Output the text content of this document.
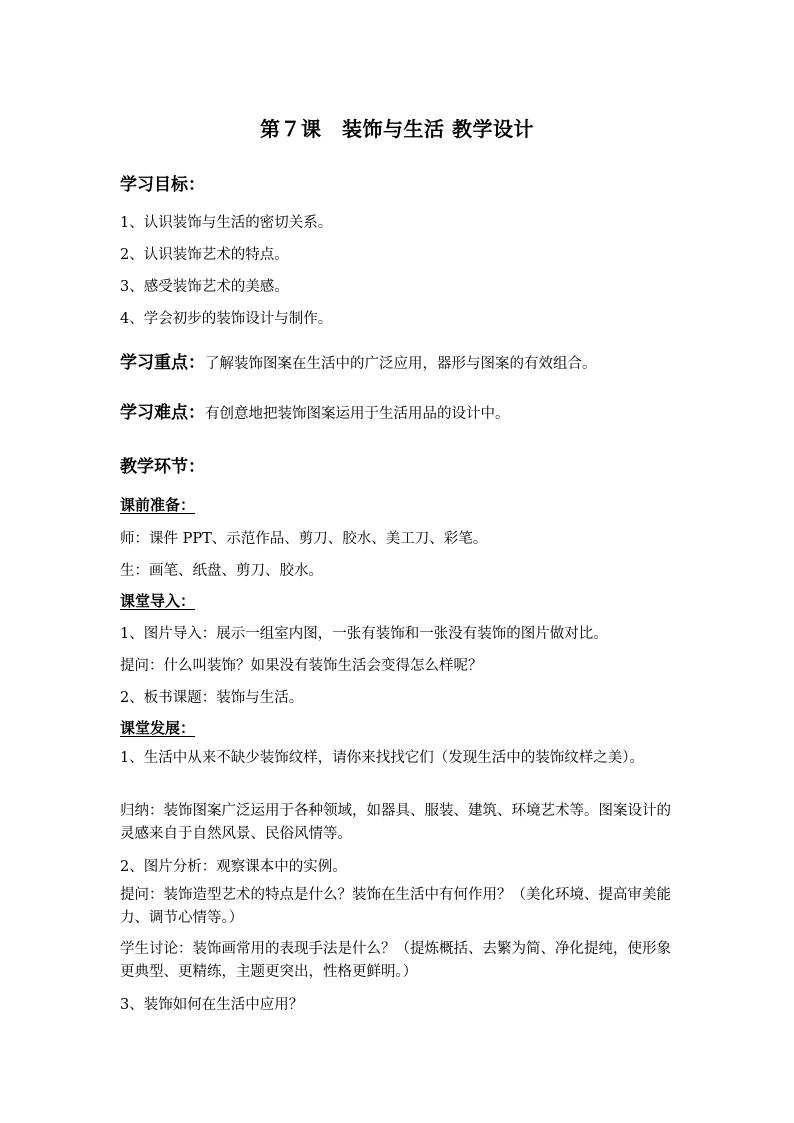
第７课　装饰与生活 教学设计
学习目标：
1、认识装饰与生活的密切关系。
2、认识装饰艺术的特点。
3、感受装饰艺术的美感。
4、学会初步的装饰设计与制作。
学习重点：了解装饰图案在生活中的广泛应用，器形与图案的有效组合。
学习难点：有创意地把装饰图案运用于生活用品的设计中。
教学环节：
课前准备：
师：课件 PPT、示范作品、剪刀、胶水、美工刀、彩笔。
生：画笔、纸盘、剪刀、胶水。
课堂导入：
1、图片导入：展示一组室内图，一张有装饰和一张没有装饰的图片做对比。
提问：什么叫装饰？如果没有装饰生活会变得怎么样呢？
2、板书课题：装饰与生活。
课堂发展：
1、生活中从来不缺少装饰纹样，请你来找找它们（发现生活中的装饰纹样之美）。
归纳：装饰图案广泛运用于各种领域，如器具、服装、建筑、环境艺术等。图案设计的灵感来自于自然风景、民俗风情等。
2、图片分析：观察课本中的实例。
提问：装饰造型艺术的特点是什么？装饰在生活中有何作用？（美化环境、提高审美能力、调节心情等。）
学生讨论：装饰画常用的表现手法是什么？（提炼概括、去繁为简、净化提纯，使形象更典型、更精练，主题更突出，性格更鲜明。）
3、装饰如何在生活中应用？
